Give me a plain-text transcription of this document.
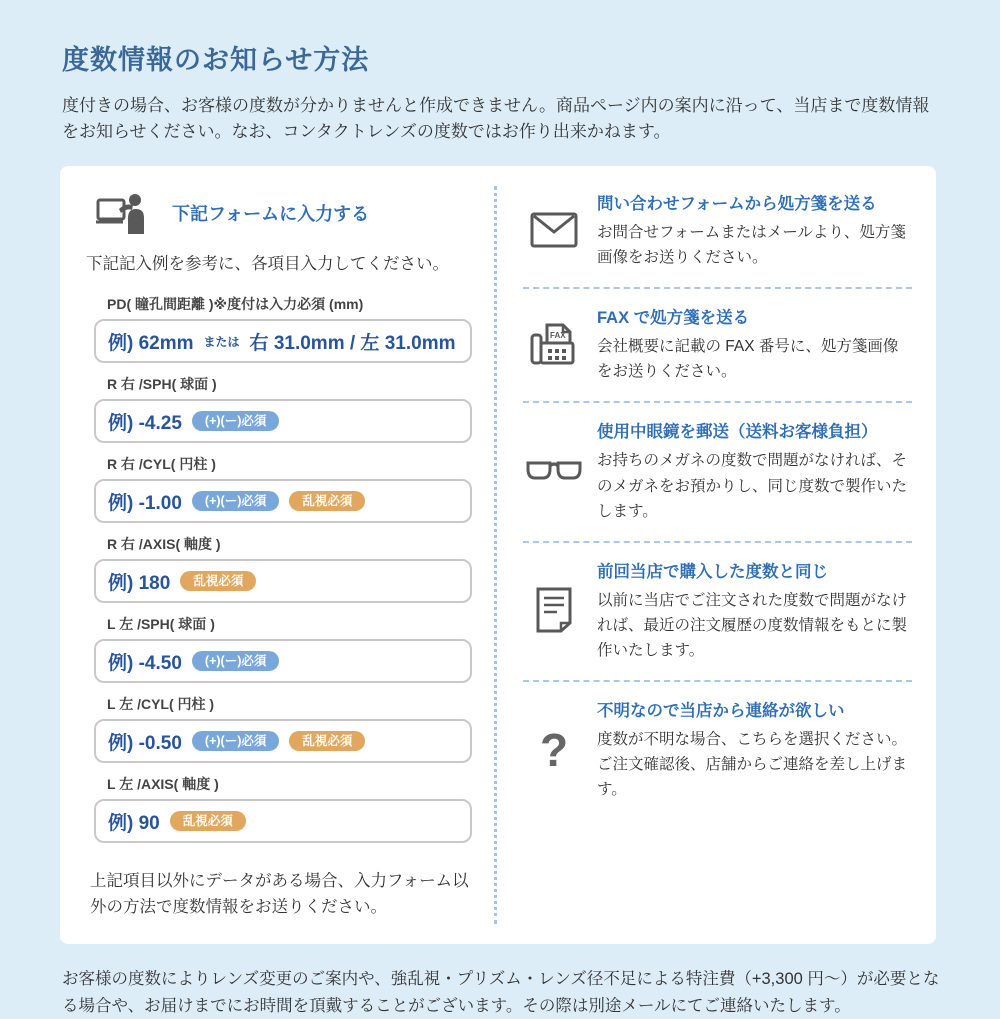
度数情報のお知らせ方法

度付きの場合、お客様の度数が分かりませんと作成できません。商品ページ内の案内に沿って、当店まで度数情報をお知らせください。なお、コンタクトレンズの度数ではお作り出来かねます。

下記フォームに入力する

下記記入例を参考に、各項目入力してください。

PD( 瞳孔間距離 )※度付は入力必須 (mm)
例) 62mm または 右 31.0mm / 左 31.0mm
R 右 /SPH( 球面 )
例) -4.25	(+)(ー)必須
R 右 /CYL( 円柱 )
例) -1.00	(+)(ー)必須	乱視必須
R 右 /AXIS( 軸度 )
例) 180	乱視必須
L 左 /SPH( 球面 )
例) -4.50	(+)(ー)必須
L 左 /CYL( 円柱 )
例) -0.50	(+)(ー)必須	乱視必須
L 左 /AXIS( 軸度 )
例) 90	乱視必須

上記項目以外にデータがある場合、入力フォーム以外の方法で度数情報をお送りください。

問い合わせフォームから処方箋を送る
お問合せフォームまたはメールより、処方箋画像をお送りください。
FAX
FAX で処方箋を送る
会社概要に記載の FAX 番号に、処方箋画像をお送りください。
使用中眼鏡を郵送（送料お客様負担）
お持ちのメガネの度数で問題がなければ、そのメガネをお預かりし、同じ度数で製作いたします。
前回当店で購入した度数と同じ
以前に当店でご注文された度数で問題がなければ、最近の注文履歴の度数情報をもとに製作いたします。
?
不明なので当店から連絡が欲しい
度数が不明な場合、こちらを選択ください。ご注文確認後、店舗からご連絡を差し上げます。

お客様の度数によりレンズ変更のご案内や、強乱視・プリズム・レンズ径不足による特注費（+3,300 円〜）が必要となる場合や、お届けまでにお時間を頂戴することがございます。その際は別途メールにてご連絡いたします。
